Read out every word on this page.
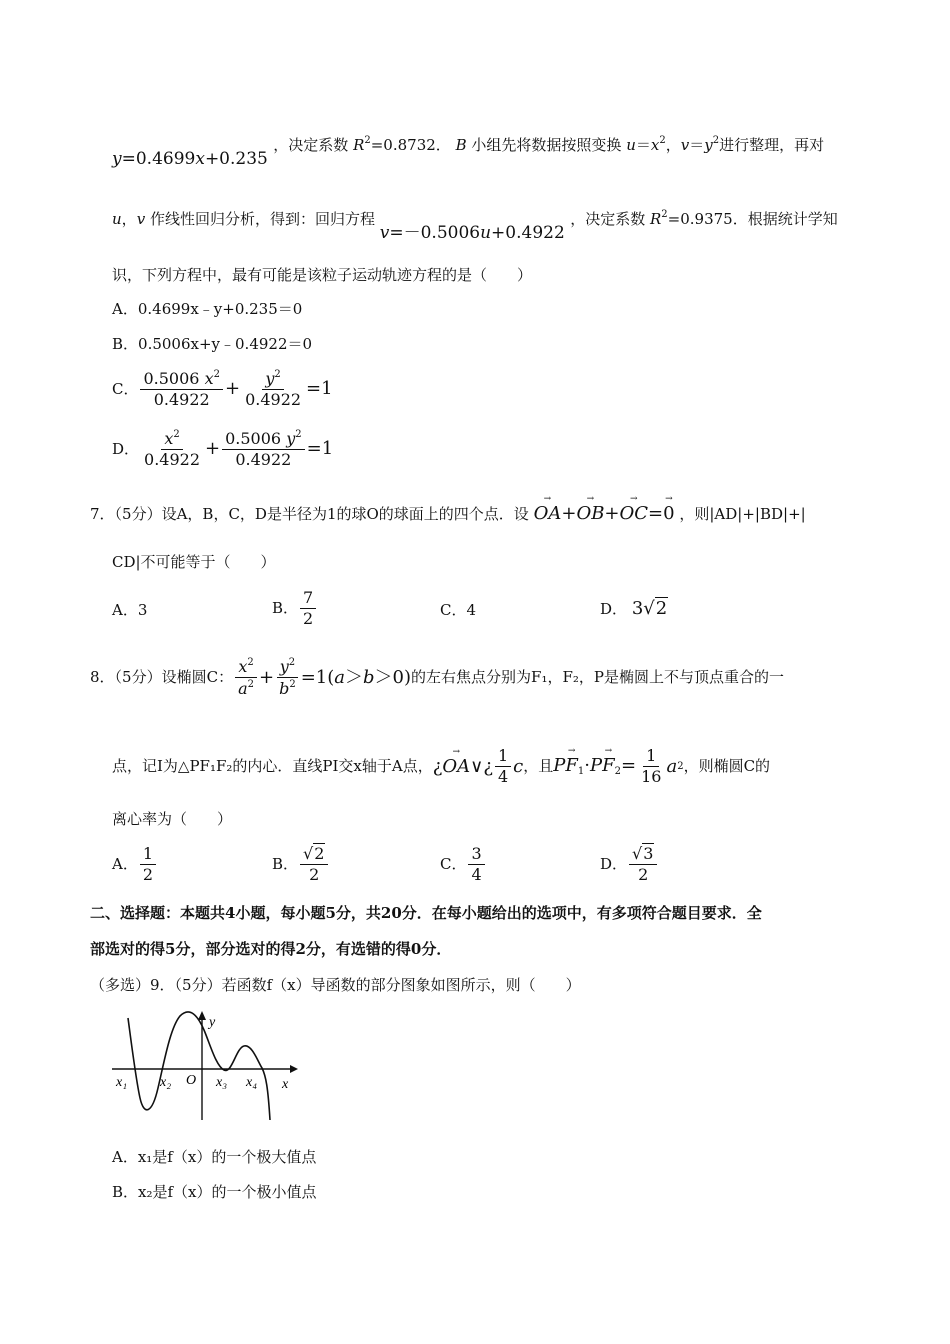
y=0.4699x+0.235 ，决定系数 $R^2=0.8732$． B 小组先将数据按照变换 $u=x^2$，$v=y^2$进行整理，再对
u，v 作线性回归分析，得到：回归方程 v=－0.5006u+0.4922 ，决定系数 $R^2=0.9375$．根据统计学知
识，下列方程中，最有可能是该粒子运动轨迹方程的是（　　）
A．0.4699x﹣y+0.235＝0
B．0.5006x+y﹣0.4922＝0
C． $\frac{0.5006 x^2}{0.4922} + \frac{y^2}{0.4922} =1$
D． $\frac{x^2}{0.4922} + \frac{0.5006 y^2}{0.4922} =1$
7．（5分）设A，B，C，D是半径为1的球O的球面上的四个点．设 → OA+→ OB+→ OC=→ 0 ，则|AD|+|BD|+|
CD|不可能等于（　　）
A．3	B． $\frac{7}{2}$	C．4	D． 3√2
8．（5分）设椭圆C： $\frac{x^2}{a^2} + \frac{y^2}{b^2} =1(a>b>0)$ 的左右焦点分别为F₁，F₂，P是椭圆上不与顶点重合的一
点，记I为△PF₁F₂的内心．直线PI交x轴于A点， ¿→ OA∨¿ $\frac{1}{4}$ c ，且 $P\to F_1\cdot P\to F_2= \frac{1}{16}$ a 2 ，则椭圆C的
离心率为（　　）
A． $\frac{1}{2}$	B． $\frac{√2}{2}$	C． $\frac{3}{4}$	D． $\frac{√3}{2}$
二、选择题：本题共4小题，每小题5分，共20分．在每小题给出的选项中，有多项符合题目要求．全
部选对的得5分，部分选对的得2分，有选错的得0分．
（多选）9．（5分）若函数f（x）导函数的部分图象如图所示，则（　　）
x₁ x₂ O x₃ x₄ x
y
A．x₁是f（x）的一个极大值点
B．x₂是f（x）的一个极小值点
